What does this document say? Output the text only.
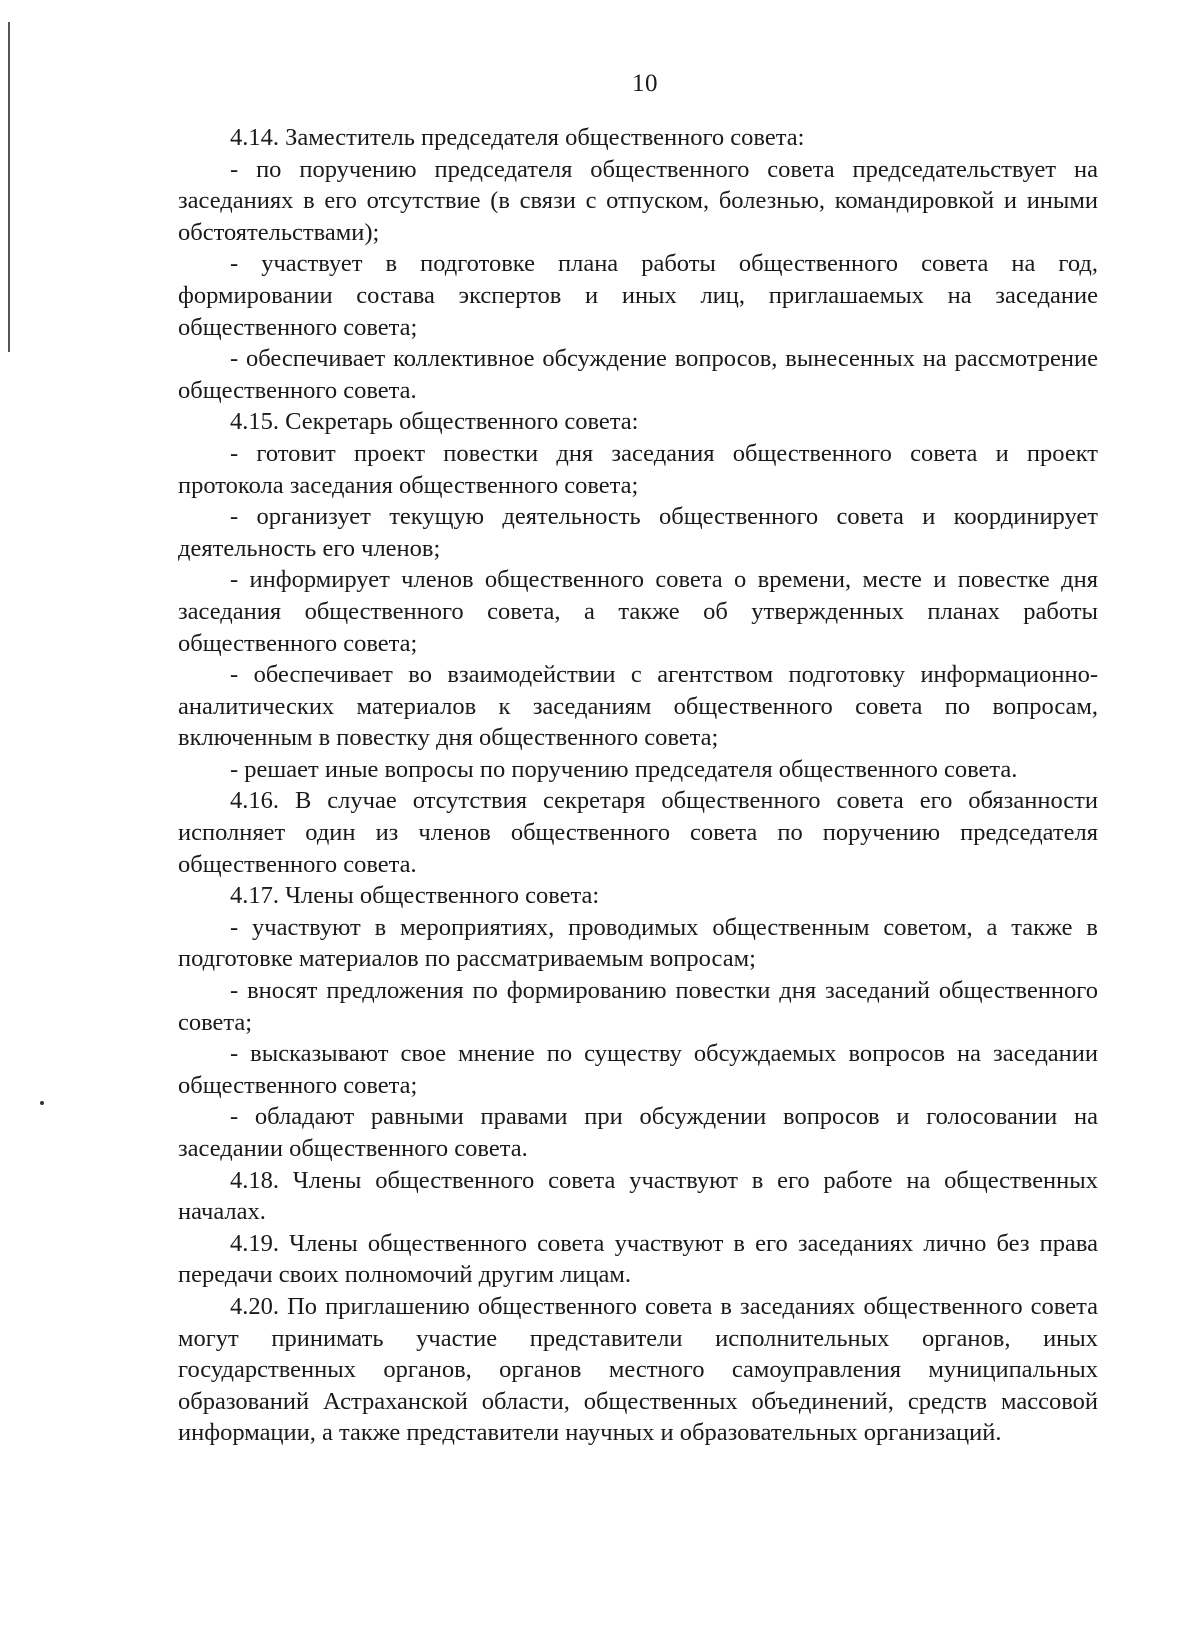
10

4.14. Заместитель председателя общественного совета:

- по поручению председателя общественного совета председательствует на заседаниях в его отсутствие (в связи с отпуском, болезнью, командировкой и иными обстоятельствами);

- участвует в подготовке плана работы общественного совета на год, формировании состава экспертов и иных лиц, приглашаемых на заседание общественного совета;

- обеспечивает коллективное обсуждение вопросов, вынесенных на рассмотрение общественного совета.

4.15. Секретарь общественного совета:

- готовит проект повестки дня заседания общественного совета и проект протокола заседания общественного совета;

- организует текущую деятельность общественного совета и координирует деятельность его членов;

- информирует членов общественного совета о времени, месте и повестке дня заседания общественного совета, а также об утвержденных планах работы общественного совета;

- обеспечивает во взаимодействии с агентством подготовку информационно-аналитических материалов к заседаниям общественного совета по вопросам, включенным в повестку дня общественного совета;

- решает иные вопросы по поручению председателя общественного совета.

4.16. В случае отсутствия секретаря общественного совета его обязанности исполняет один из членов общественного совета по поручению председателя общественного совета.

4.17. Члены общественного совета:

- участвуют в мероприятиях, проводимых общественным советом, а также в подготовке материалов по рассматриваемым вопросам;

- вносят предложения по формированию повестки дня заседаний общественного совета;

- высказывают свое мнение по существу обсуждаемых вопросов на заседании общественного совета;

- обладают равными правами при обсуждении вопросов и голосовании на заседании общественного совета.

4.18. Члены общественного совета участвуют в его работе на общественных началах.

4.19. Члены общественного совета участвуют в его заседаниях лично без права передачи своих полномочий другим лицам.

4.20. По приглашению общественного совета в заседаниях общественного совета могут принимать участие представители исполнительных органов, иных государственных органов, органов местного самоуправления муниципальных образований Астраханской области, общественных объединений, средств массовой информации, а также представители научных и образовательных организаций.
